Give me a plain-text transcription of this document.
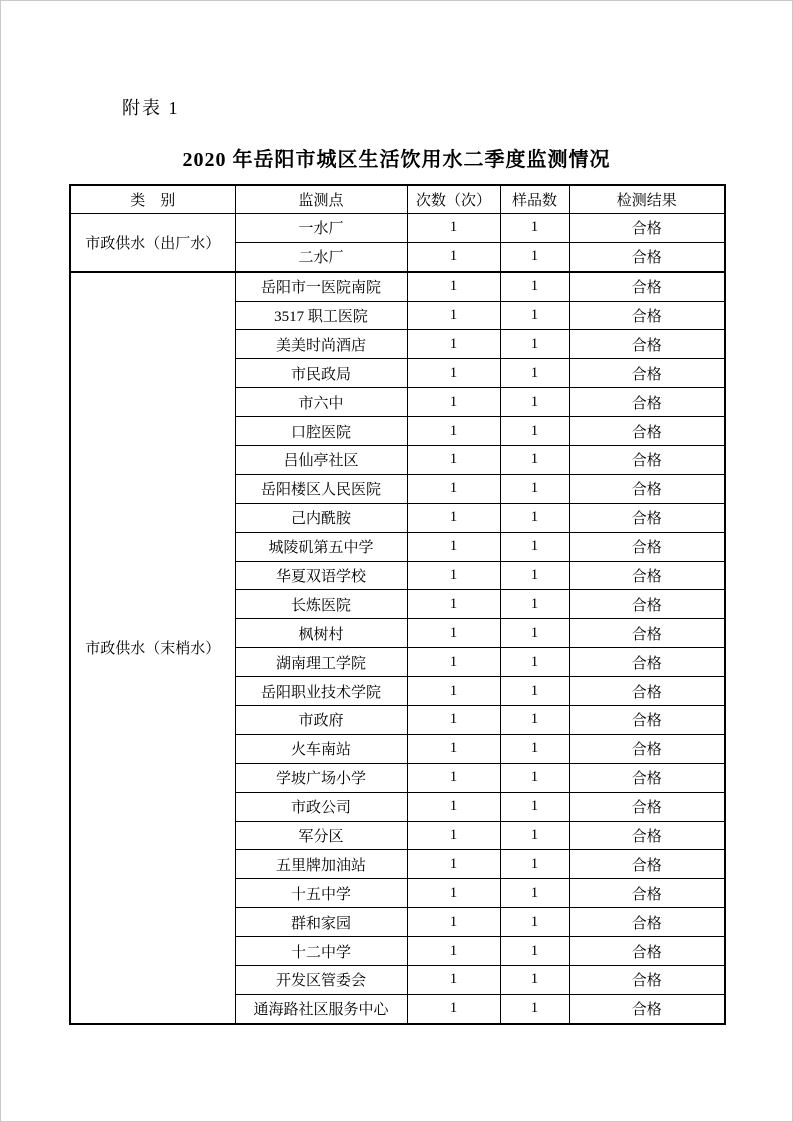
附表 1
2020 年岳阳市城区生活饮用水二季度监测情况
类　别	监测点	次数（次）	样品数	检测结果
市政供水（出厂水）	一水厂	1	1	合格
	二水厂	1	1	合格
市政供水（末梢水）	岳阳市一医院南院	1	1	合格
	3517 职工医院	1	1	合格
	美美时尚酒店	1	1	合格
	市民政局	1	1	合格
	市六中	1	1	合格
	口腔医院	1	1	合格
	吕仙亭社区	1	1	合格
	岳阳楼区人民医院	1	1	合格
	己内酰胺	1	1	合格
	城陵矶第五中学	1	1	合格
	华夏双语学校	1	1	合格
	长炼医院	1	1	合格
	枫树村	1	1	合格
	湖南理工学院	1	1	合格
	岳阳职业技术学院	1	1	合格
	市政府	1	1	合格
	火车南站	1	1	合格
	学坡广场小学	1	1	合格
	市政公司	1	1	合格
	军分区	1	1	合格
	五里牌加油站	1	1	合格
	十五中学	1	1	合格
	群和家园	1	1	合格
	十二中学	1	1	合格
	开发区管委会	1	1	合格
	通海路社区服务中心	1	1	合格
